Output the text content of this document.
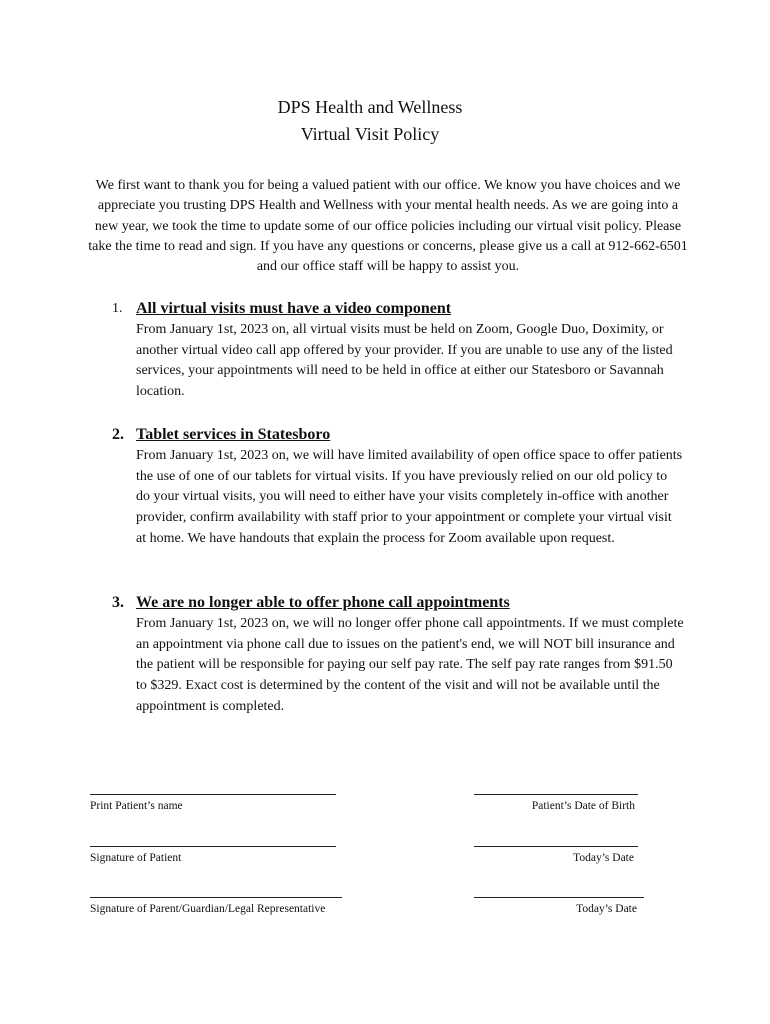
DPS Health and Wellness
Virtual Visit Policy
We first want to thank you for being a valued patient with our office. We know you have choices and we appreciate you trusting DPS Health and Wellness with your mental health needs. As we are going into a new year, we took the time to update some of our office policies including our virtual visit policy. Please take the time to read and sign. If you have any questions or concerns, please give us a call at 912-662-6501 and our office staff will be happy to assist you.
1. All virtual visits must have a video component
From January 1st, 2023 on, all virtual visits must be held on Zoom, Google Duo, Doximity, or another virtual video call app offered by your provider. If you are unable to use any of the listed services, your appointments will need to be held in office at either our Statesboro or Savannah location.
2. Tablet services in Statesboro
From January 1st, 2023 on, we will have limited availability of open office space to offer patients the use of one of our tablets for virtual visits. If you have previously relied on our old policy to do your virtual visits, you will need to either have your visits completely in-office with another provider, confirm availability with staff prior to your appointment or complete your virtual visit at home. We have handouts that explain the process for Zoom available upon request.
3. We are no longer able to offer phone call appointments
From January 1st, 2023 on, we will no longer offer phone call appointments. If we must complete an appointment via phone call due to issues on the patient's end, we will NOT bill insurance and the patient will be responsible for paying our self pay rate. The self pay rate ranges from $91.50 to $329. Exact cost is determined by the content of the visit and will not be available until the appointment is completed.
Print Patient’s name	Patient’s Date of Birth
Signature of Patient	Today’s Date
Signature of Parent/Guardian/Legal Representative	Today’s Date
